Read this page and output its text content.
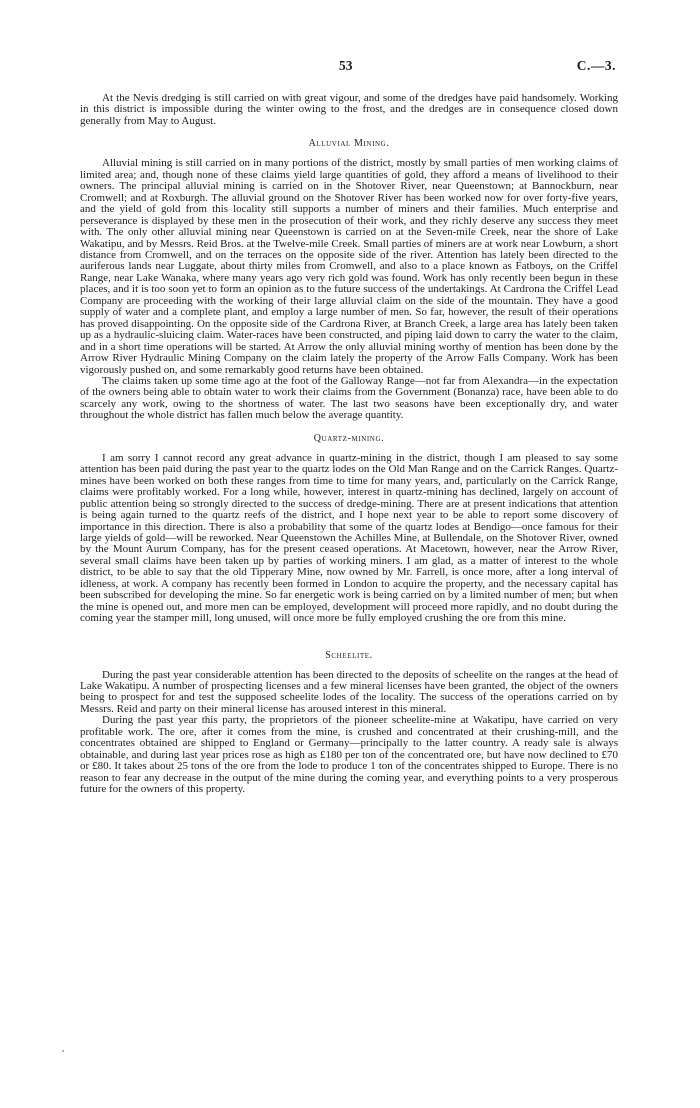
53	C.—3.

At the Nevis dredging is still carried on with great vigour, and some of the dredges have paid handsomely. Working in this district is impossible during the winter owing to the frost, and the dredges are in consequence closed down generally from May to August.

Alluvial Mining.

Alluvial mining is still carried on in many portions of the district, mostly by small parties of men working claims of limited area; and, though none of these claims yield large quantities of gold, they afford a means of livelihood to their owners. The principal alluvial mining is carried on in the Shotover River, near Queenstown; at Bannockburn, near Cromwell; and at Roxburgh. The alluvial ground on the Shotover River has been worked now for over forty-five years, and the yield of gold from this locality still supports a number of miners and their families. Much enterprise and perseverance is displayed by these men in the prosecution of their work, and they richly deserve any success they meet with. The only other alluvial mining near Queenstown is carried on at the Seven-mile Creek, near the shore of Lake Wakatipu, and by Messrs. Reid Bros. at the Twelve-mile Creek. Small parties of miners are at work near Lowburn, a short distance from Cromwell, and on the terraces on the opposite side of the river. Attention has lately been directed to the auriferous lands near Luggate, about thirty miles from Cromwell, and also to a place known as Fatboys, on the Criffel Range, near Lake Wanaka, where many years ago very rich gold was found. Work has only recently been begun in these places, and it is too soon yet to form an opinion as to the future success of the undertakings. At Cardrona the Criffel Lead Company are proceeding with the working of their large alluvial claim on the side of the mountain. They have a good supply of water and a complete plant, and employ a large number of men. So far, however, the result of their operations has proved disappointing. On the opposite side of the Cardrona River, at Branch Creek, a large area has lately been taken up as a hydraulic-sluicing claim. Water-races have been constructed, and piping laid down to carry the water to the claim, and in a short time operations will be started. At Arrow the only alluvial mining worthy of mention has been done by the Arrow River Hydraulic Mining Company on the claim lately the property of the Arrow Falls Company. Work has been vigorously pushed on, and some remarkably good returns have been obtained.

The claims taken up some time ago at the foot of the Galloway Range—not far from Alexandra—in the expectation of the owners being able to obtain water to work their claims from the Government (Bonanza) race, have been able to do scarcely any work, owing to the shortness of water. The last two seasons have been exceptionally dry, and water throughout the whole district has fallen much below the average quantity.

Quartz-mining.

I am sorry I cannot record any great advance in quartz-mining in the district, though I am pleased to say some attention has been paid during the past year to the quartz lodes on the Old Man Range and on the Carrick Ranges. Quartz-mines have been worked on both these ranges from time to time for many years, and, particularly on the Carrick Range, claims were profitably worked. For a long while, however, interest in quartz-mining has declined, largely on account of public attention being so strongly directed to the success of dredge-mining. There are at present indications that attention is being again turned to the quartz reefs of the district, and I hope next year to be able to report some discovery of importance in this direction. There is also a probability that some of the quartz lodes at Bendigo—once famous for their large yields of gold—will be reworked. Near Queenstown the Achilles Mine, at Bullendale, on the Shotover River, owned by the Mount Aurum Company, has for the present ceased operations. At Macetown, however, near the Arrow River, several small claims have been taken up by parties of working miners. I am glad, as a matter of interest to the whole district, to be able to say that the old Tipperary Mine, now owned by Mr. Farrell, is once more, after a long interval of idleness, at work. A company has recently been formed in London to acquire the property, and the necessary capital has been subscribed for developing the mine. So far energetic work is being carried on by a limited number of men; but when the mine is opened out, and more men can be employed, development will proceed more rapidly, and no doubt during the coming year the stamper mill, long unused, will once more be fully employed crushing the ore from this mine.

Scheelite.

During the past year considerable attention has been directed to the deposits of scheelite on the ranges at the head of Lake Wakatipu. A number of prospecting licenses and a few mineral licenses have been granted, the object of the owners being to prospect for and test the supposed scheelite lodes of the locality. The success of the operations carried on by Messrs. Reid and party on their mineral license has aroused interest in this mineral.

During the past year this party, the proprietors of the pioneer scheelite-mine at Wakatipu, have carried on very profitable work. The ore, after it comes from the mine, is crushed and concentrated at their crushing-mill, and the concentrates obtained are shipped to England or Germany—principally to the latter country. A ready sale is always obtainable, and during last year prices rose as high as £180 per ton of the concentrated ore, but have now declined to £70 or £80. It takes about 25 tons of the ore from the lode to produce 1 ton of the concentrates shipped to Europe. There is no reason to fear any decrease in the output of the mine during the coming year, and everything points to a very prosperous future for the owners of this property.
